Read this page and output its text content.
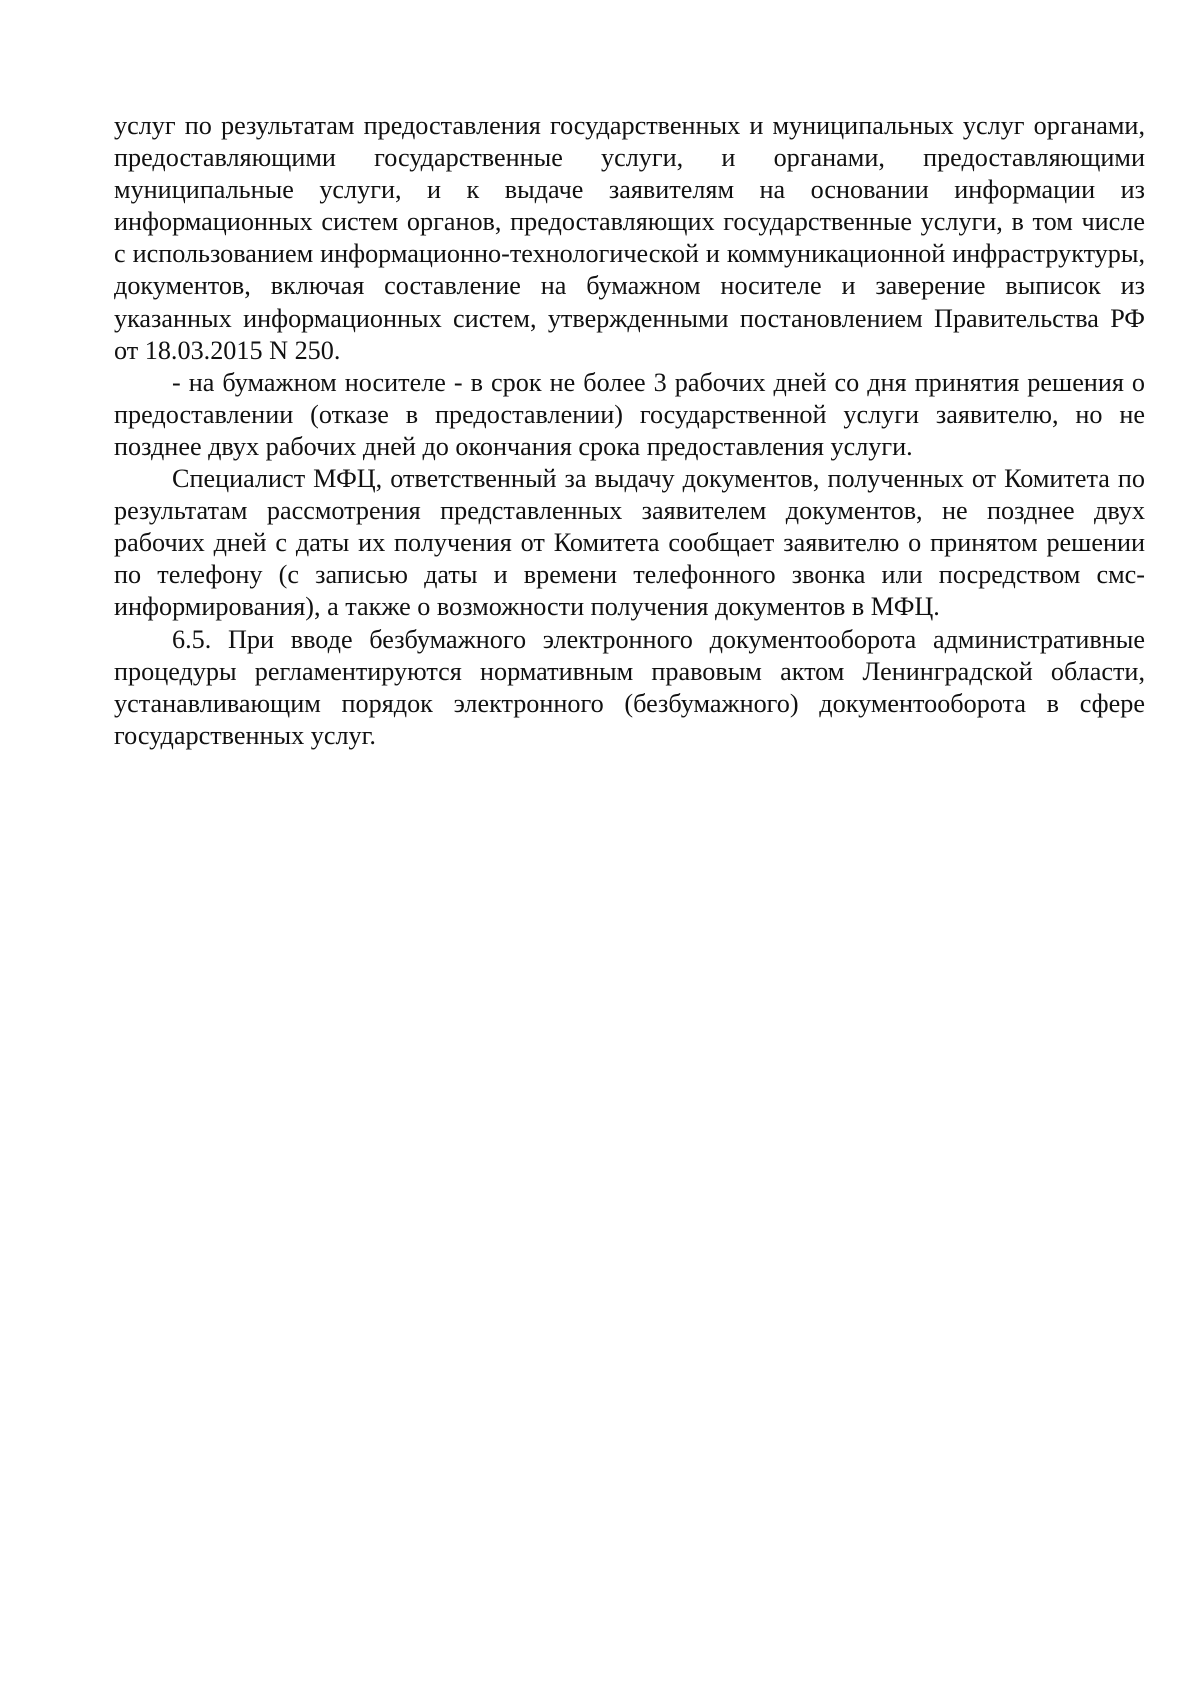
услуг по результатам предоставления государственных и муниципальных услуг органами, предоставляющими государственные услуги, и органами, предоставляющими муниципальные услуги, и к выдаче заявителям на основании информации из информационных систем органов, предоставляющих государственные услуги, в том числе с использованием информационно-технологической и коммуникационной инфраструктуры, документов, включая составление на бумажном носителе и заверение выписок из указанных информационных систем, утвержденными постановлением Правительства РФ от 18.03.2015 N 250.

- на бумажном носителе - в срок не более 3 рабочих дней со дня принятия решения о предоставлении (отказе в предоставлении) государственной услуги заявителю, но не позднее двух рабочих дней до окончания срока предоставления услуги.

Специалист МФЦ, ответственный за выдачу документов, полученных от Комитета по результатам рассмотрения представленных заявителем документов, не позднее двух рабочих дней с даты их получения от Комитета сообщает заявителю о принятом решении по телефону (с записью даты и времени телефонного звонка или посредством смс-информирования), а также о возможности получения документов в МФЦ.

6.5. При вводе безбумажного электронного документооборота административные процедуры регламентируются нормативным правовым актом Ленинградской области, устанавливающим порядок электронного (безбумажного) документооборота в сфере государственных услуг.
